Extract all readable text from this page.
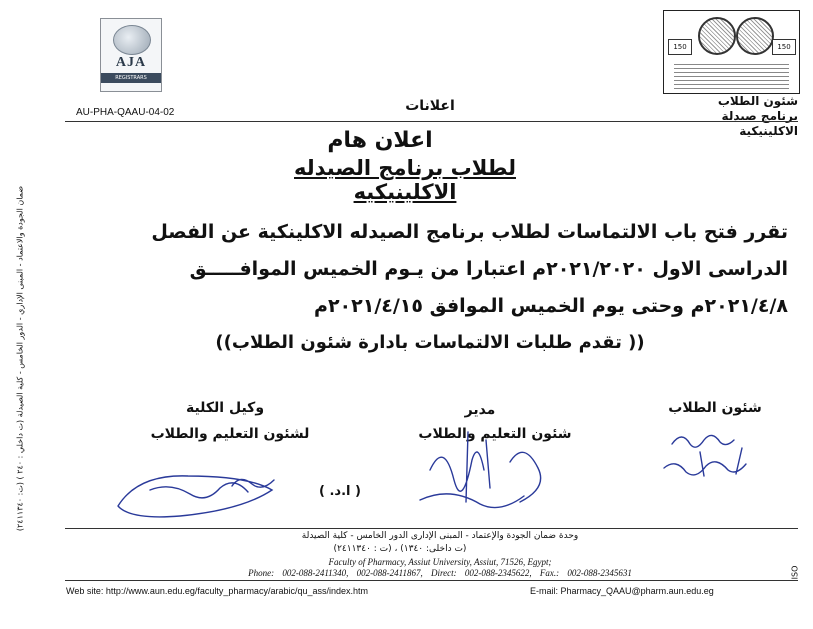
AJA
REGISTRARS
150	150
AU-PHA-QAAU-04-02	اعلانات	شئون الطلاب برنامج صيدلة الاكلينيكية
ضمان الجودة والاعتماد - المبنى الإداري - الدور الخامس - كلية الصيدلة (ت داخلي : ٢٤٠ ) (ت: ٢٤١١٣٤٠)
اعلان هام
لطلاب برنامج الصيدله الاكلينيكيه
تقرر فتح باب الالتماسات لطلاب برنامج الصيدله الاكلينكية عن الفصل
الدراسى الاول ٢٠٢١/٢٠٢٠م اعتبارا من يـوم الخميس الموافـــــق
٢٠٢١/٤/٨م وحتى يوم الخميس الموافق ٢٠٢١/٤/١٥م
(( تقدم طلبات الالتماسات بادارة شئون الطلاب))
شئون الطلاب
مدير
شئون التعليم والطلاب
وكيل الكلية
لشئون التعليم والطلاب
( ا.د. )
وحدة ضمان الجودة والإعتماد - المبنى الإدارى الدور الخامس - كلية الصيدلة
(ت داخلى: ١٣٤٠) ، (ت : ٢٤١١٣٤٠)
Faculty of Pharmacy, Assiut University, Assiut, 71526, Egypt;
Phone: 002-088-2411340, 002-088-2411867, Direct: 002-088-2345622, Fax.: 002-088-2345631
Web site: http://www.aun.edu.eg/faculty_pharmacy/arabic/qu_ass/index.htm	E-mail: Pharmacy_QAAU@pharm.aun.edu.eg
ISO
